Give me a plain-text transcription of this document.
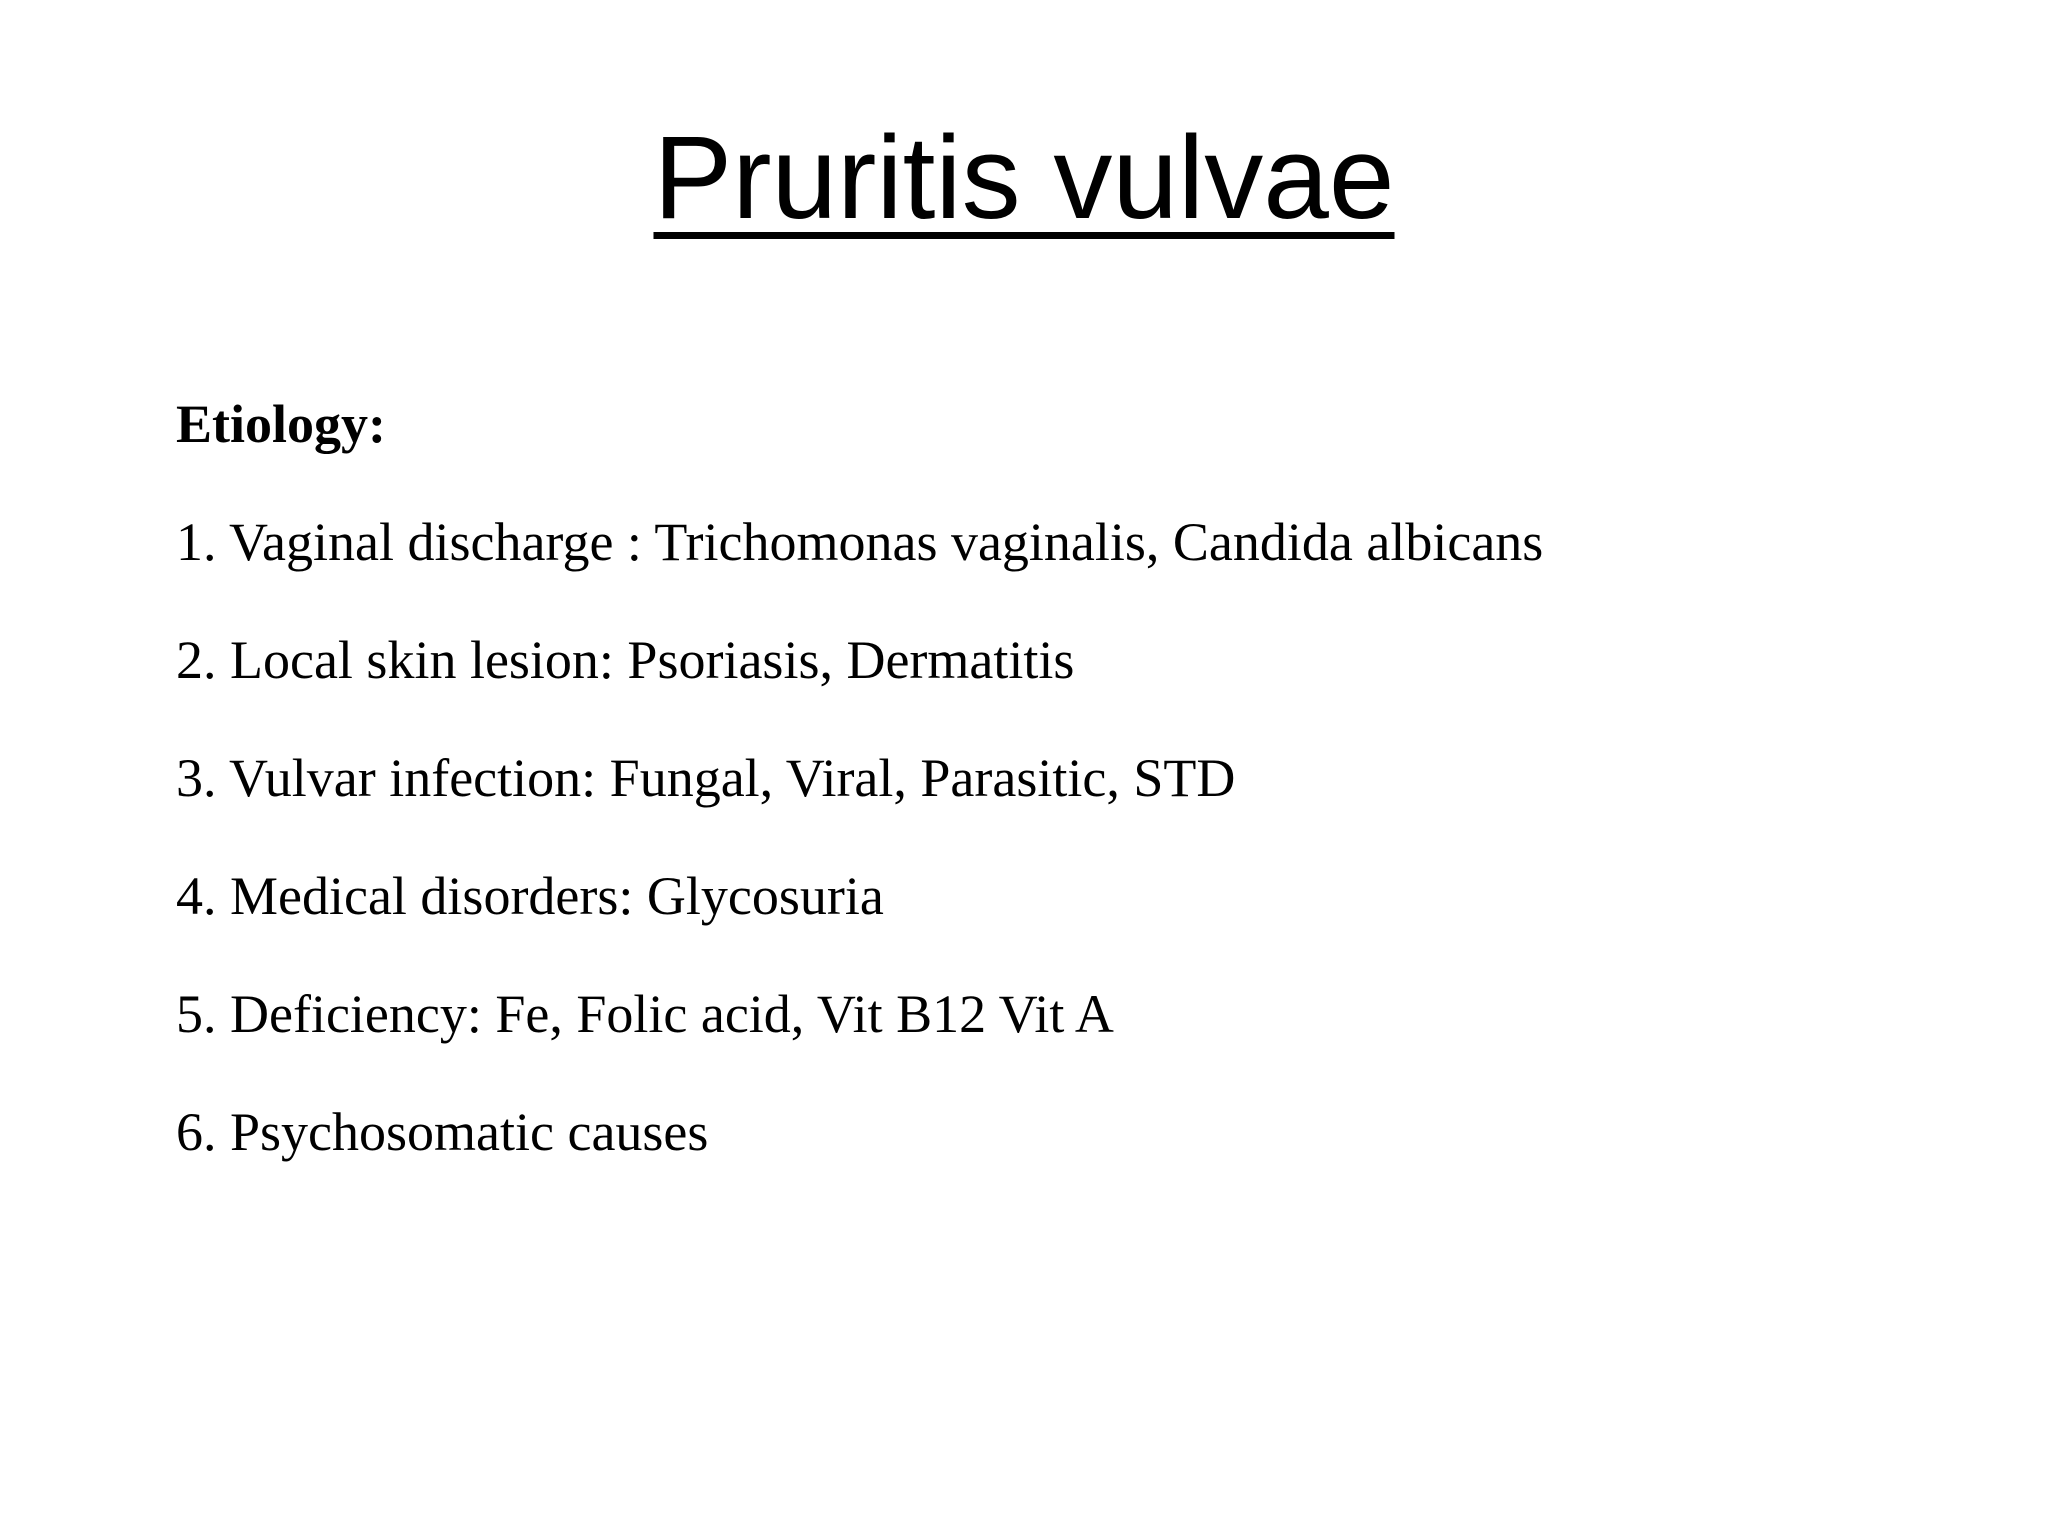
Pruritis vulvae
Etiology:
1. Vaginal discharge : Trichomonas vaginalis, Candida albicans
2. Local skin lesion: Psoriasis, Dermatitis
3. Vulvar infection: Fungal, Viral, Parasitic, STD
4. Medical disorders: Glycosuria
5. Deficiency: Fe, Folic acid, Vit B12 Vit A
6. Psychosomatic causes
